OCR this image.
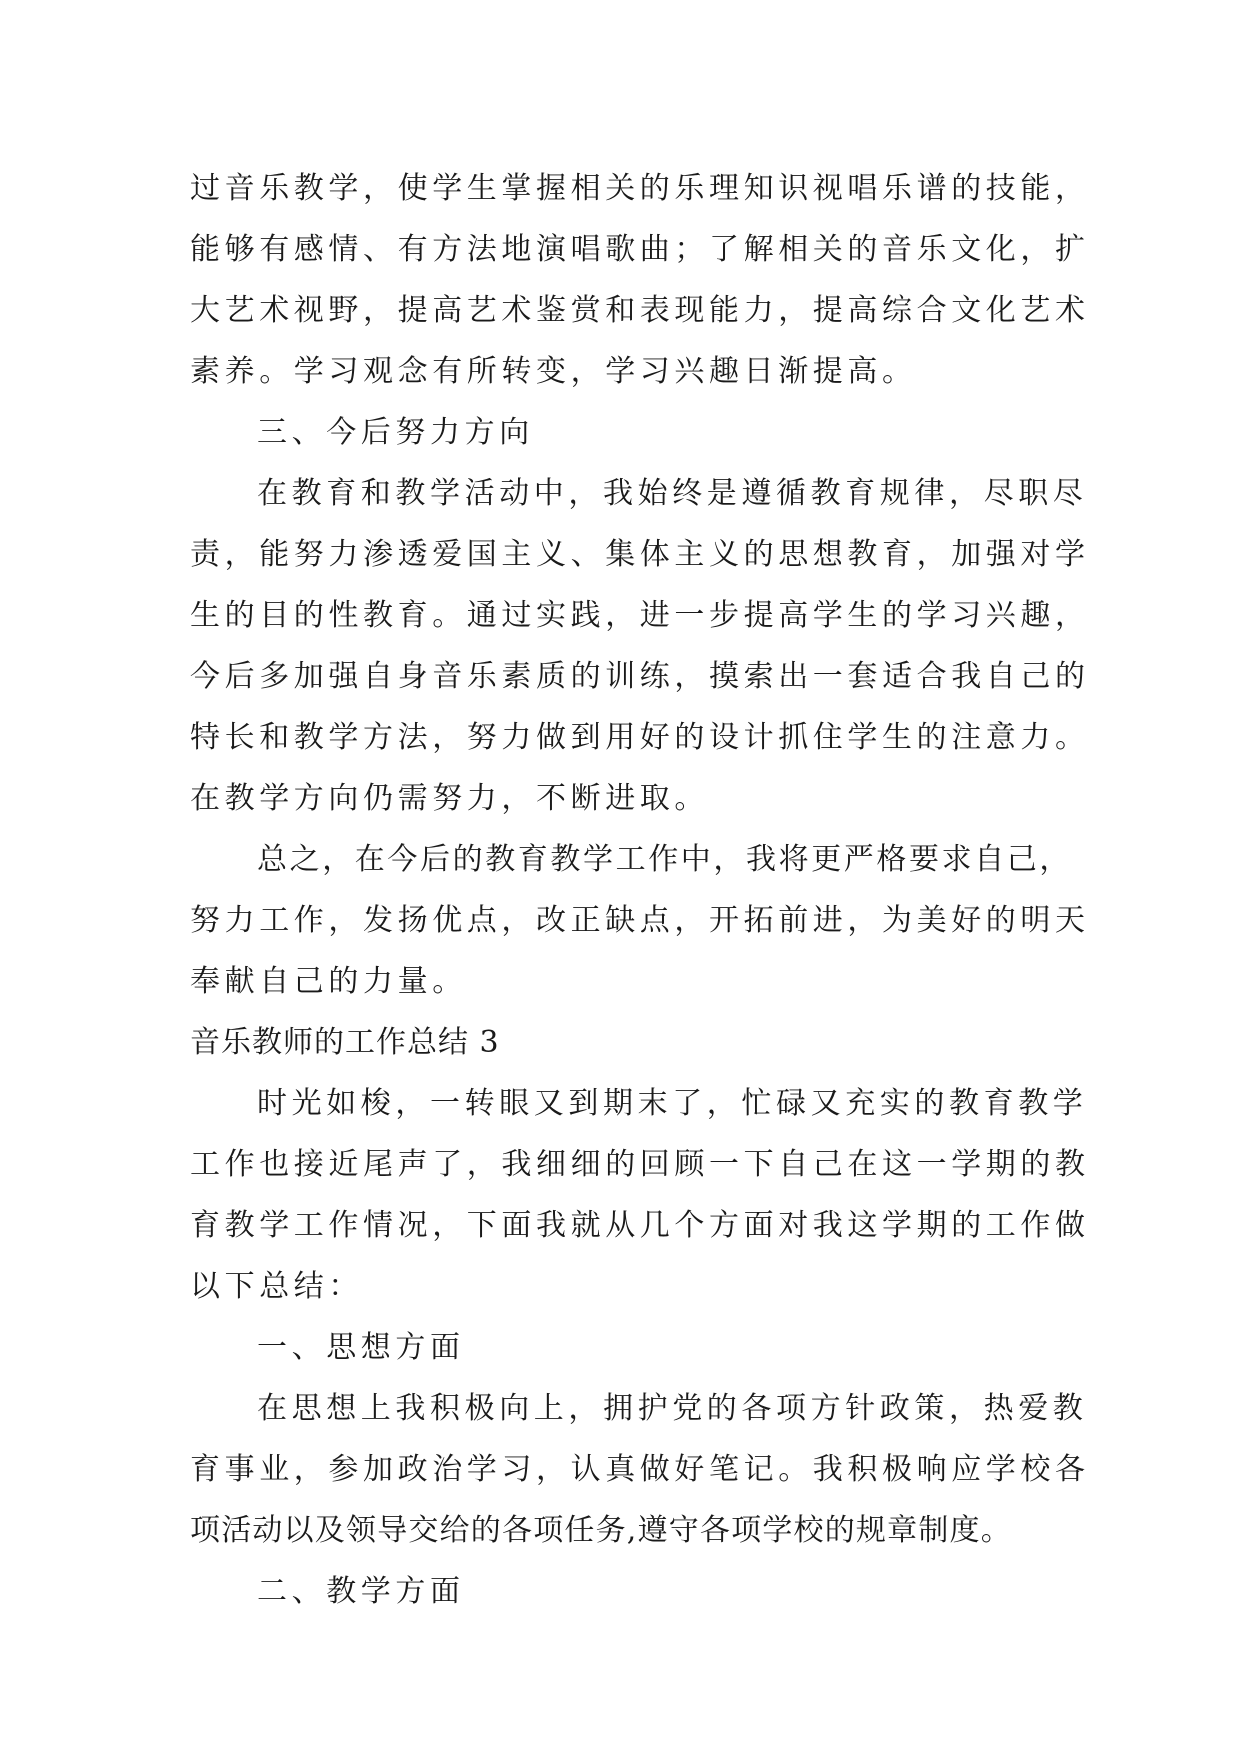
过音乐教学，使学生掌握相关的乐理知识视唱乐谱的技能，
能够有感情、有方法地演唱歌曲；了解相关的音乐文化，扩
大艺术视野，提高艺术鉴赏和表现能力，提高综合文化艺术
素养。学习观念有所转变，学习兴趣日渐提高。
三、今后努力方向
在教育和教学活动中，我始终是遵循教育规律，尽职尽
责，能努力渗透爱国主义、集体主义的思想教育，加强对学
生的目的性教育。通过实践，进一步提高学生的学习兴趣，
今后多加强自身音乐素质的训练，摸索出一套适合我自己的
特长和教学方法，努力做到用好的设计抓住学生的注意力。
在教学方向仍需努力，不断进取。
总之，在今后的教育教学工作中，我将更严格要求自己，
努力工作，发扬优点，改正缺点，开拓前进，为美好的明天
奉献自己的力量。
音乐教师的工作总结 3
时光如梭，一转眼又到期末了，忙碌又充实的教育教学
工作也接近尾声了，我细细的回顾一下自己在这一学期的教
育教学工作情况，下面我就从几个方面对我这学期的工作做
以下总结：
一、思想方面
在思想上我积极向上，拥护党的各项方针政策，热爱教
育事业，参加政治学习，认真做好笔记。我积极响应学校各
项活动以及领导交给的各项任务,遵守各项学校的规章制度。
二、教学方面
